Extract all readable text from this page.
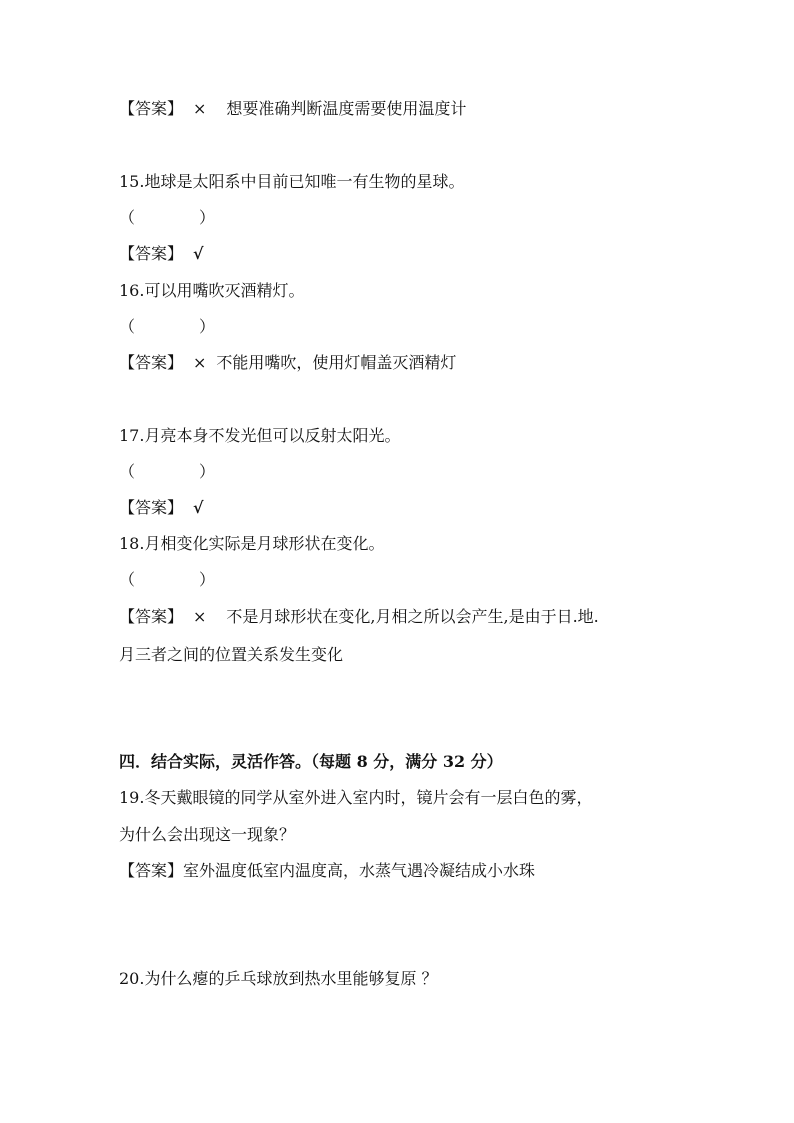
【答案】 × 想要准确判断温度需要使用温度计
15.地球是太阳系中目前已知唯一有生物的星球。
（　　　　）
【答案】 √
16.可以用嘴吹灭酒精灯。
（　　　　）
【答案】 × 不能用嘴吹，使用灯帽盖灭酒精灯
17.月亮本身不发光但可以反射太阳光。
（　　　　）
【答案】 √
18.月相变化实际是月球形状在变化。
（　　　　）
【答案】 × 不是月球形状在变化,月相之所以会产生,是由于日.地.
月三者之间的位置关系发生变化
四．结合实际，灵活作答。（每题 8 分，满分 32 分）
19.冬天戴眼镜的同学从室外进入室内时，镜片会有一层白色的雾，
为什么会出现这一现象？
【答案】室外温度低室内温度高，水蒸气遇冷凝结成小水珠
20.为什么瘪的乒乓球放到热水里能够复原 ？
